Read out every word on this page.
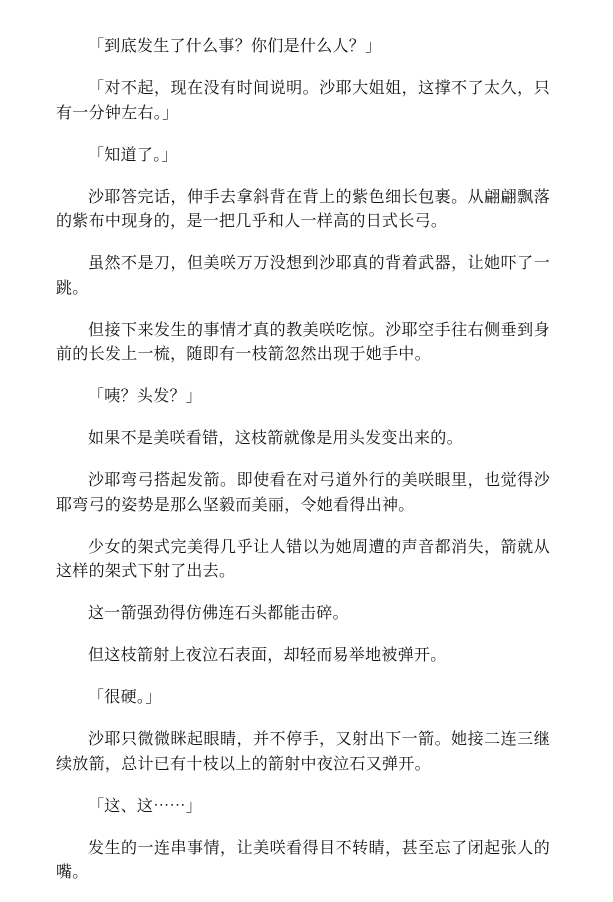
「到底发生了什么事？你们是什么人？」

「对不起，现在没有时间说明。沙耶大姐姐，这撑不了太久，只有一分钟左右。」

「知道了。」

沙耶答完话，伸手去拿斜背在背上的紫色细长包裹。从翩翩飘落的紫布中现身的，是一把几乎和人一样高的日式长弓。

虽然不是刀，但美咲万万没想到沙耶真的背着武器，让她吓了一跳。

但接下来发生的事情才真的教美咲吃惊。沙耶空手往右侧垂到身前的长发上一梳，随即有一枝箭忽然出现于她手中。

「咦？头发？」

如果不是美咲看错，这枝箭就像是用头发变出来的。

沙耶弯弓搭起发箭。即使看在对弓道外行的美咲眼里，也觉得沙耶弯弓的姿势是那么坚毅而美丽，令她看得出神。

少女的架式完美得几乎让人错以为她周遭的声音都消失，箭就从这样的架式下射了出去。

这一箭强劲得仿佛连石头都能击碎。

但这枝箭射上夜泣石表面，却轻而易举地被弹开。

「很硬。」

沙耶只微微眯起眼睛，并不停手，又射出下一箭。她接二连三继续放箭，总计已有十枝以上的箭射中夜泣石又弹开。

「这、这⋯⋯」

发生的一连串事情，让美咲看得目不转睛，甚至忘了闭起张人的嘴。
